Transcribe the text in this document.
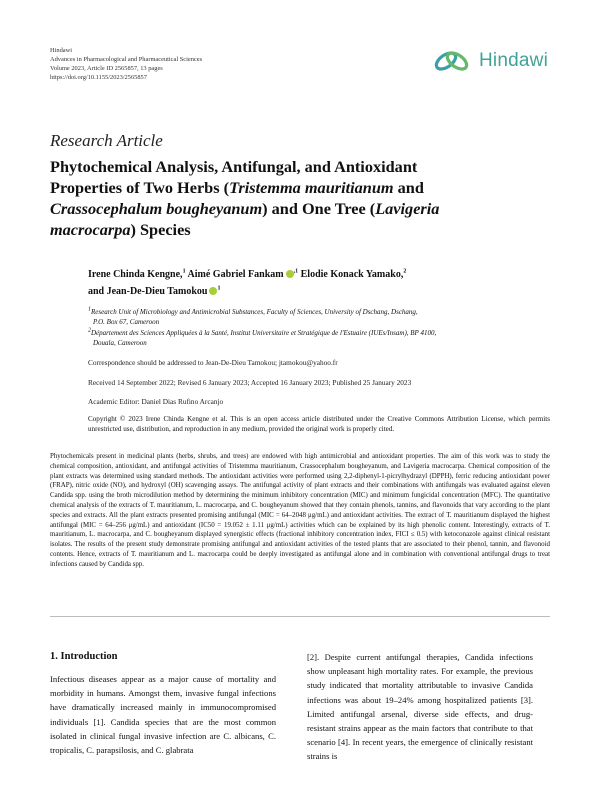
Hindawi
Advances in Pharmacological and Pharmaceutical Sciences
Volume 2023, Article ID 2565857, 13 pages
https://doi.org/10.1155/2023/2565857
Hindawi
Research Article
Phytochemical Analysis, Antifungal, and Antioxidant Properties of Two Herbs (Tristemma mauritianum and Crassocephalum bougheyanum) and One Tree (Lavigeria macrocarpa) Species
Irene Chinda Kengne,$^1$ Aimé Gabriel Fankam $^{,1}$ Elodie Konack Yamako,$^2$
and Jean-De-Dieu Tamokou $^1$
$^1$Research Unit of Microbiology and Antimicrobial Substances, Faculty of Sciences, University of Dschang, Dschang,
P.O. Box 67, Cameroon
$^2$Département des Sciences Appliquées à la Santé, Institut Universitaire et Stratégique de l'Estuaire (IUEs/Insam), BP 4100,
Douala, Cameroon
Correspondence should be addressed to Jean-De-Dieu Tamokou; jtamokou@yahoo.fr
Received 14 September 2022; Revised 6 January 2023; Accepted 16 January 2023; Published 25 January 2023
Academic Editor: Daniel Dias Rufino Arcanjo
Copyright © 2023 Irene Chinda Kengne et al. This is an open access article distributed under the Creative Commons Attribution License, which permits unrestricted use, distribution, and reproduction in any medium, provided the original work is properly cited.
Phytochemicals present in medicinal plants (herbs, shrubs, and trees) are endowed with high antimicrobial and antioxidant properties. The aim of this work was to study the chemical composition, antioxidant, and antifungal activities of Tristemma mauritianum, Crassocephalum bougheyanum, and Lavigeria macrocarpa. Chemical composition of the plant extracts was determined using standard methods. The antioxidant activities were performed using 2,2-diphenyl-1-picrylhydrazyl (DPPH), ferric reducing antioxidant power (FRAP), nitric oxide (NO), and hydroxyl (OH) scavenging assays. The antifungal activity of plant extracts and their combinations with antifungals was evaluated against eleven Candida spp. using the broth microdilution method by determining the minimum inhibitory concentration (MIC) and minimum fungicidal concentration (MFC). The quantitative chemical analysis of the extracts of T. mauritianum, L. macrocarpa, and C. bougheyanum showed that they contain phenols, tannins, and flavonoids that vary according to the plant species and extracts. All the plant extracts presented promising antifungal (MIC = 64–2048 μg/mL) and antioxidant activities. The extract of T. mauritianum displayed the highest antifungal (MIC = 64–256 μg/mL) and antioxidant (IC50 = 19.052 ± 1.11 μg/mL) activities which can be explained by its high phenolic content. Interestingly, extracts of T. mauritianum, L. macrocarpa, and C. bougheyanum displayed synergistic effects (fractional inhibitory concentration index, FICI ≤ 0.5) with ketoconazole against clinical resistant isolates. The results of the present study demonstrate promising antifungal and antioxidant activities of the tested plants that are associated to their phenol, tannin, and flavonoid contents. Hence, extracts of T. mauritianum and L. macrocarpa could be deeply investigated as antifungal alone and in combination with conventional antifungal drugs to treat infections caused by Candida spp.
1. Introduction
Infectious diseases appear as a major cause of mortality and morbidity in humans. Amongst them, invasive fungal infections have dramatically increased mainly in immunocompromised individuals [1]. Candida species that are the most common isolated in clinical fungal invasive infection are C. albicans, C. tropicalis, C. parapsilosis, and C. glabrata
[2]. Despite current antifungal therapies, Candida infections show unpleasant high mortality rates. For example, the previous study indicated that mortality attributable to invasive Candida infections was about 19–24% among hospitalized patients [3]. Limited antifungal arsenal, diverse side effects, and drug-resistant strains appear as the main factors that contribute to that scenario [4]. In recent years, the emergence of clinically resistant strains is
